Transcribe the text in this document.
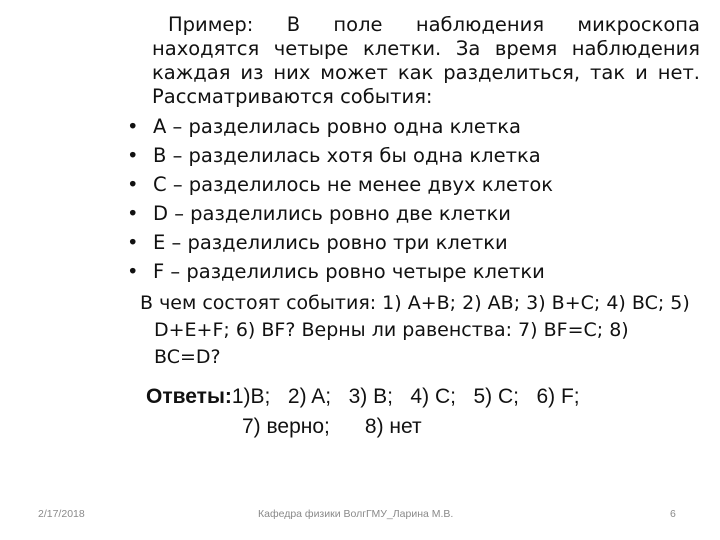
Пример: В поле наблюдения микроскопа находятся четыре клетки. За время наблюдения каждая из них может как разделиться, так и нет. Рассматриваются события:

• A – разделилась ровно одна клетка
• B – разделилась хотя бы одна клетка
• C – разделилось не менее двух клеток
• D – разделились ровно две клетки
• E – разделились ровно три клетки
• F – разделились ровно четыре клетки

В чем состоят события: 1) A+B; 2) AB; 3) B+C; 4) BC; 5)
D+E+F; 6) BF? Верны ли равенства: 7) BF=C; 8) BC=D?

Ответы:1)B;   2) A;   3) B;   4) C;   5) C;   6) F;
7) верно;      8) нет
2/17/2018	Кафедра физики ВолгГМУ_Ларина М.В.	6
